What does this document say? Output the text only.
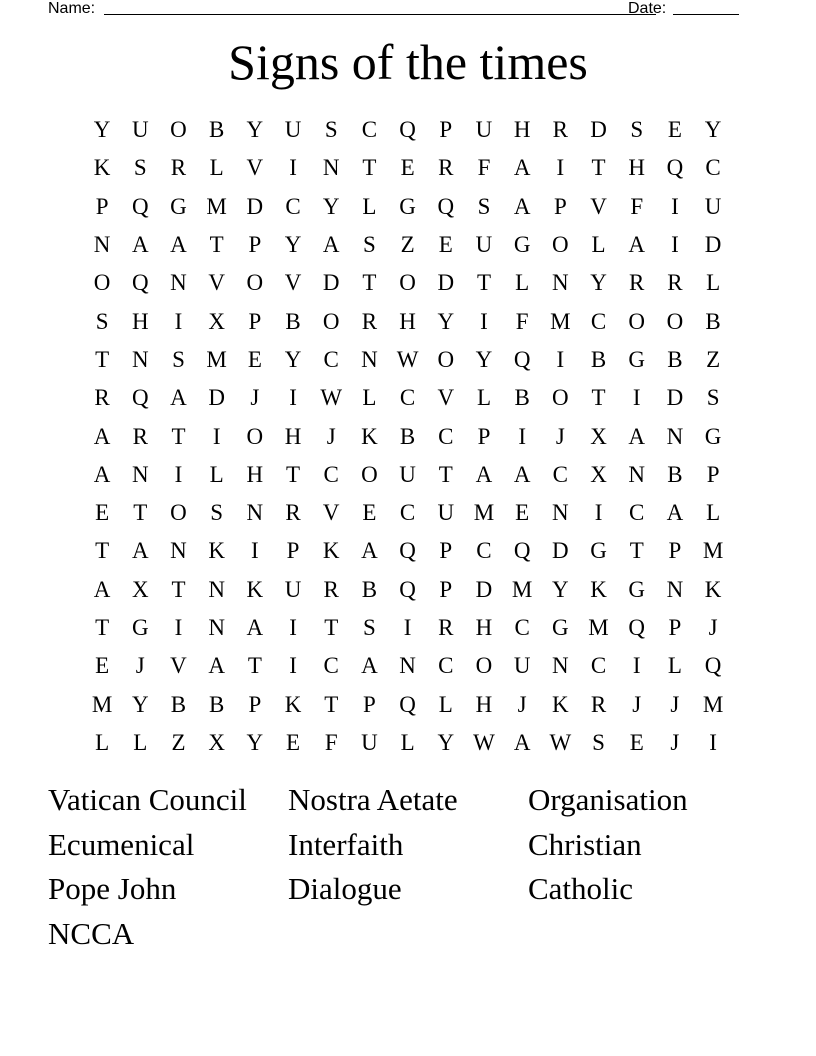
Name:	Date:
Signs of the times
Y U O B Y U	S	C Q	P	U H R D	S	E Y
K	S	R	L V	I	N T	E	R	F	A	I	T H Q C
P	Q G M D C Y L G Q	S	A	P	V	F	I	U
N A A T	P	Y A	S	Z	E U G O L A	I	D
O Q N V O V D T O D T	L N Y R R	L
S	H	I	X	P	B O R H Y	I	F M C O O B
T N	S M E Y C N W O Y Q	I	B G B	Z
R Q A D	J	I	W L	C V L	B O T	I	D	S
A R	T	I	O H	J	K B C	P	I	J	X A N G
A N	I	L H T	C O U T A A C X N B	P
E	T O	S	N R V E	C U M E N	I	C A L
T A N K	I	P	K A Q	P	C Q D G T	P M
A X T N K U R B Q	P	D M Y K G N K
T G	I	N A	I	T	S	I	R H C G M Q	P	J
E	J	V A T	I	C A N C O U N C	I	L Q
M Y B B	P	K T	P	Q L H	J	K R	J	J	M
L	L	Z X Y E	F	U L Y W A W S	E	J	I
Vatican Council	Nostra Aetate	Organisation
Ecumenical	Interfaith	Christian
Pope John	Dialogue	Catholic
NCCA
